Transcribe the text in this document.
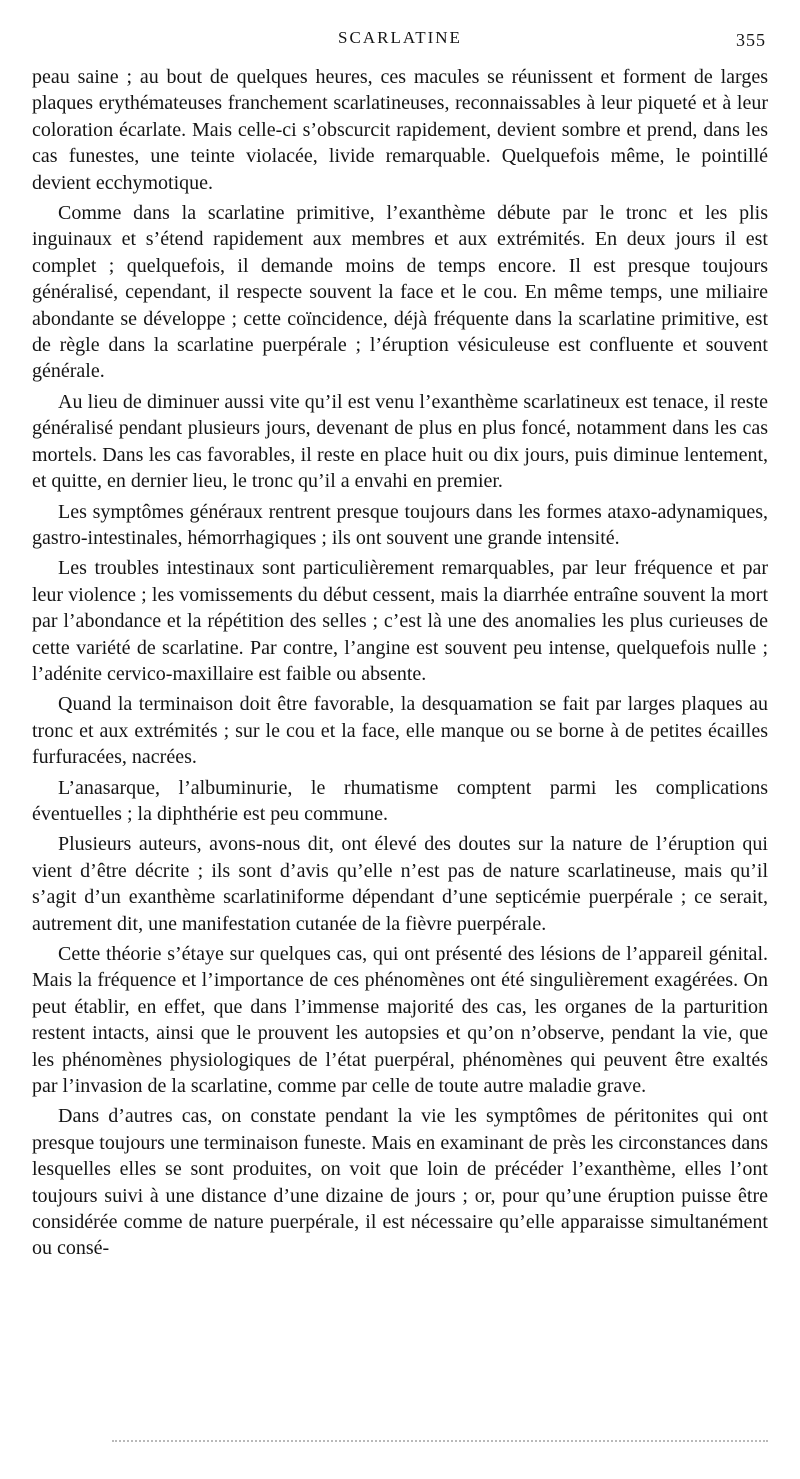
SCARLATINE	355

peau saine ; au bout de quelques heures, ces macules se réunissent et forment de larges plaques erythémateuses franchement scarlatineuses, reconnaissables à leur piqueté et à leur coloration écarlate. Mais celle-ci s’obscurcit rapidement, devient sombre et prend, dans les cas funestes, une teinte violacée, livide remarquable. Quelquefois même, le pointillé devient ecchymotique.

Comme dans la scarlatine primitive, l’exanthème débute par le tronc et les plis inguinaux et s’étend rapidement aux membres et aux extrémités. En deux jours il est complet ; quelquefois, il demande moins de temps encore. Il est presque toujours généralisé, cependant, il respecte souvent la face et le cou. En même temps, une miliaire abondante se développe ; cette coïncidence, déjà fréquente dans la scarlatine primitive, est de règle dans la scarlatine puerpérale ; l’éruption vésiculeuse est confluente et souvent générale.

Au lieu de diminuer aussi vite qu’il est venu l’exanthème scarlatineux est tenace, il reste généralisé pendant plusieurs jours, devenant de plus en plus foncé, notamment dans les cas mortels. Dans les cas favorables, il reste en place huit ou dix jours, puis diminue lentement, et quitte, en dernier lieu, le tronc qu’il a envahi en premier.

Les symptômes généraux rentrent presque toujours dans les formes ataxo-adynamiques, gastro-intestinales, hémorrhagiques ; ils ont souvent une grande intensité.

Les troubles intestinaux sont particulièrement remarquables, par leur fréquence et par leur violence ; les vomissements du début cessent, mais la diarrhée entraîne souvent la mort par l’abondance et la répétition des selles ; c’est là une des anomalies les plus curieuses de cette variété de scarlatine. Par contre, l’angine est souvent peu intense, quelquefois nulle ; l’adénite cervico-maxillaire est faible ou absente.

Quand la terminaison doit être favorable, la desquamation se fait par larges plaques au tronc et aux extrémités ; sur le cou et la face, elle manque ou se borne à de petites écailles furfuracées, nacrées.

L’anasarque, l’albuminurie, le rhumatisme comptent parmi les complications éventuelles ; la diphthérie est peu commune.

Plusieurs auteurs, avons-nous dit, ont élevé des doutes sur la nature de l’éruption qui vient d’être décrite ; ils sont d’avis qu’elle n’est pas de nature scarlatineuse, mais qu’il s’agit d’un exanthème scarlatiniforme dépendant d’une septicémie puerpérale ; ce serait, autrement dit, une manifestation cutanée de la fièvre puerpérale.

Cette théorie s’étaye sur quelques cas, qui ont présenté des lésions de l’appareil génital. Mais la fréquence et l’importance de ces phénomènes ont été singulièrement exagérées. On peut établir, en effet, que dans l’immense majorité des cas, les organes de la parturition restent intacts, ainsi que le prouvent les autopsies et qu’on n’observe, pendant la vie, que les phénomènes physiologiques de l’état puerpéral, phénomènes qui peuvent être exaltés par l’invasion de la scarlatine, comme par celle de toute autre maladie grave.

Dans d’autres cas, on constate pendant la vie les symptômes de péritonites qui ont presque toujours une terminaison funeste. Mais en examinant de près les circonstances dans lesquelles elles se sont produites, on voit que loin de précéder l’exanthème, elles l’ont toujours suivi à une distance d’une dizaine de jours ; or, pour qu’une éruption puisse être considérée comme de nature puerpérale, il est nécessaire qu’elle apparaisse simultanément ou consé-
